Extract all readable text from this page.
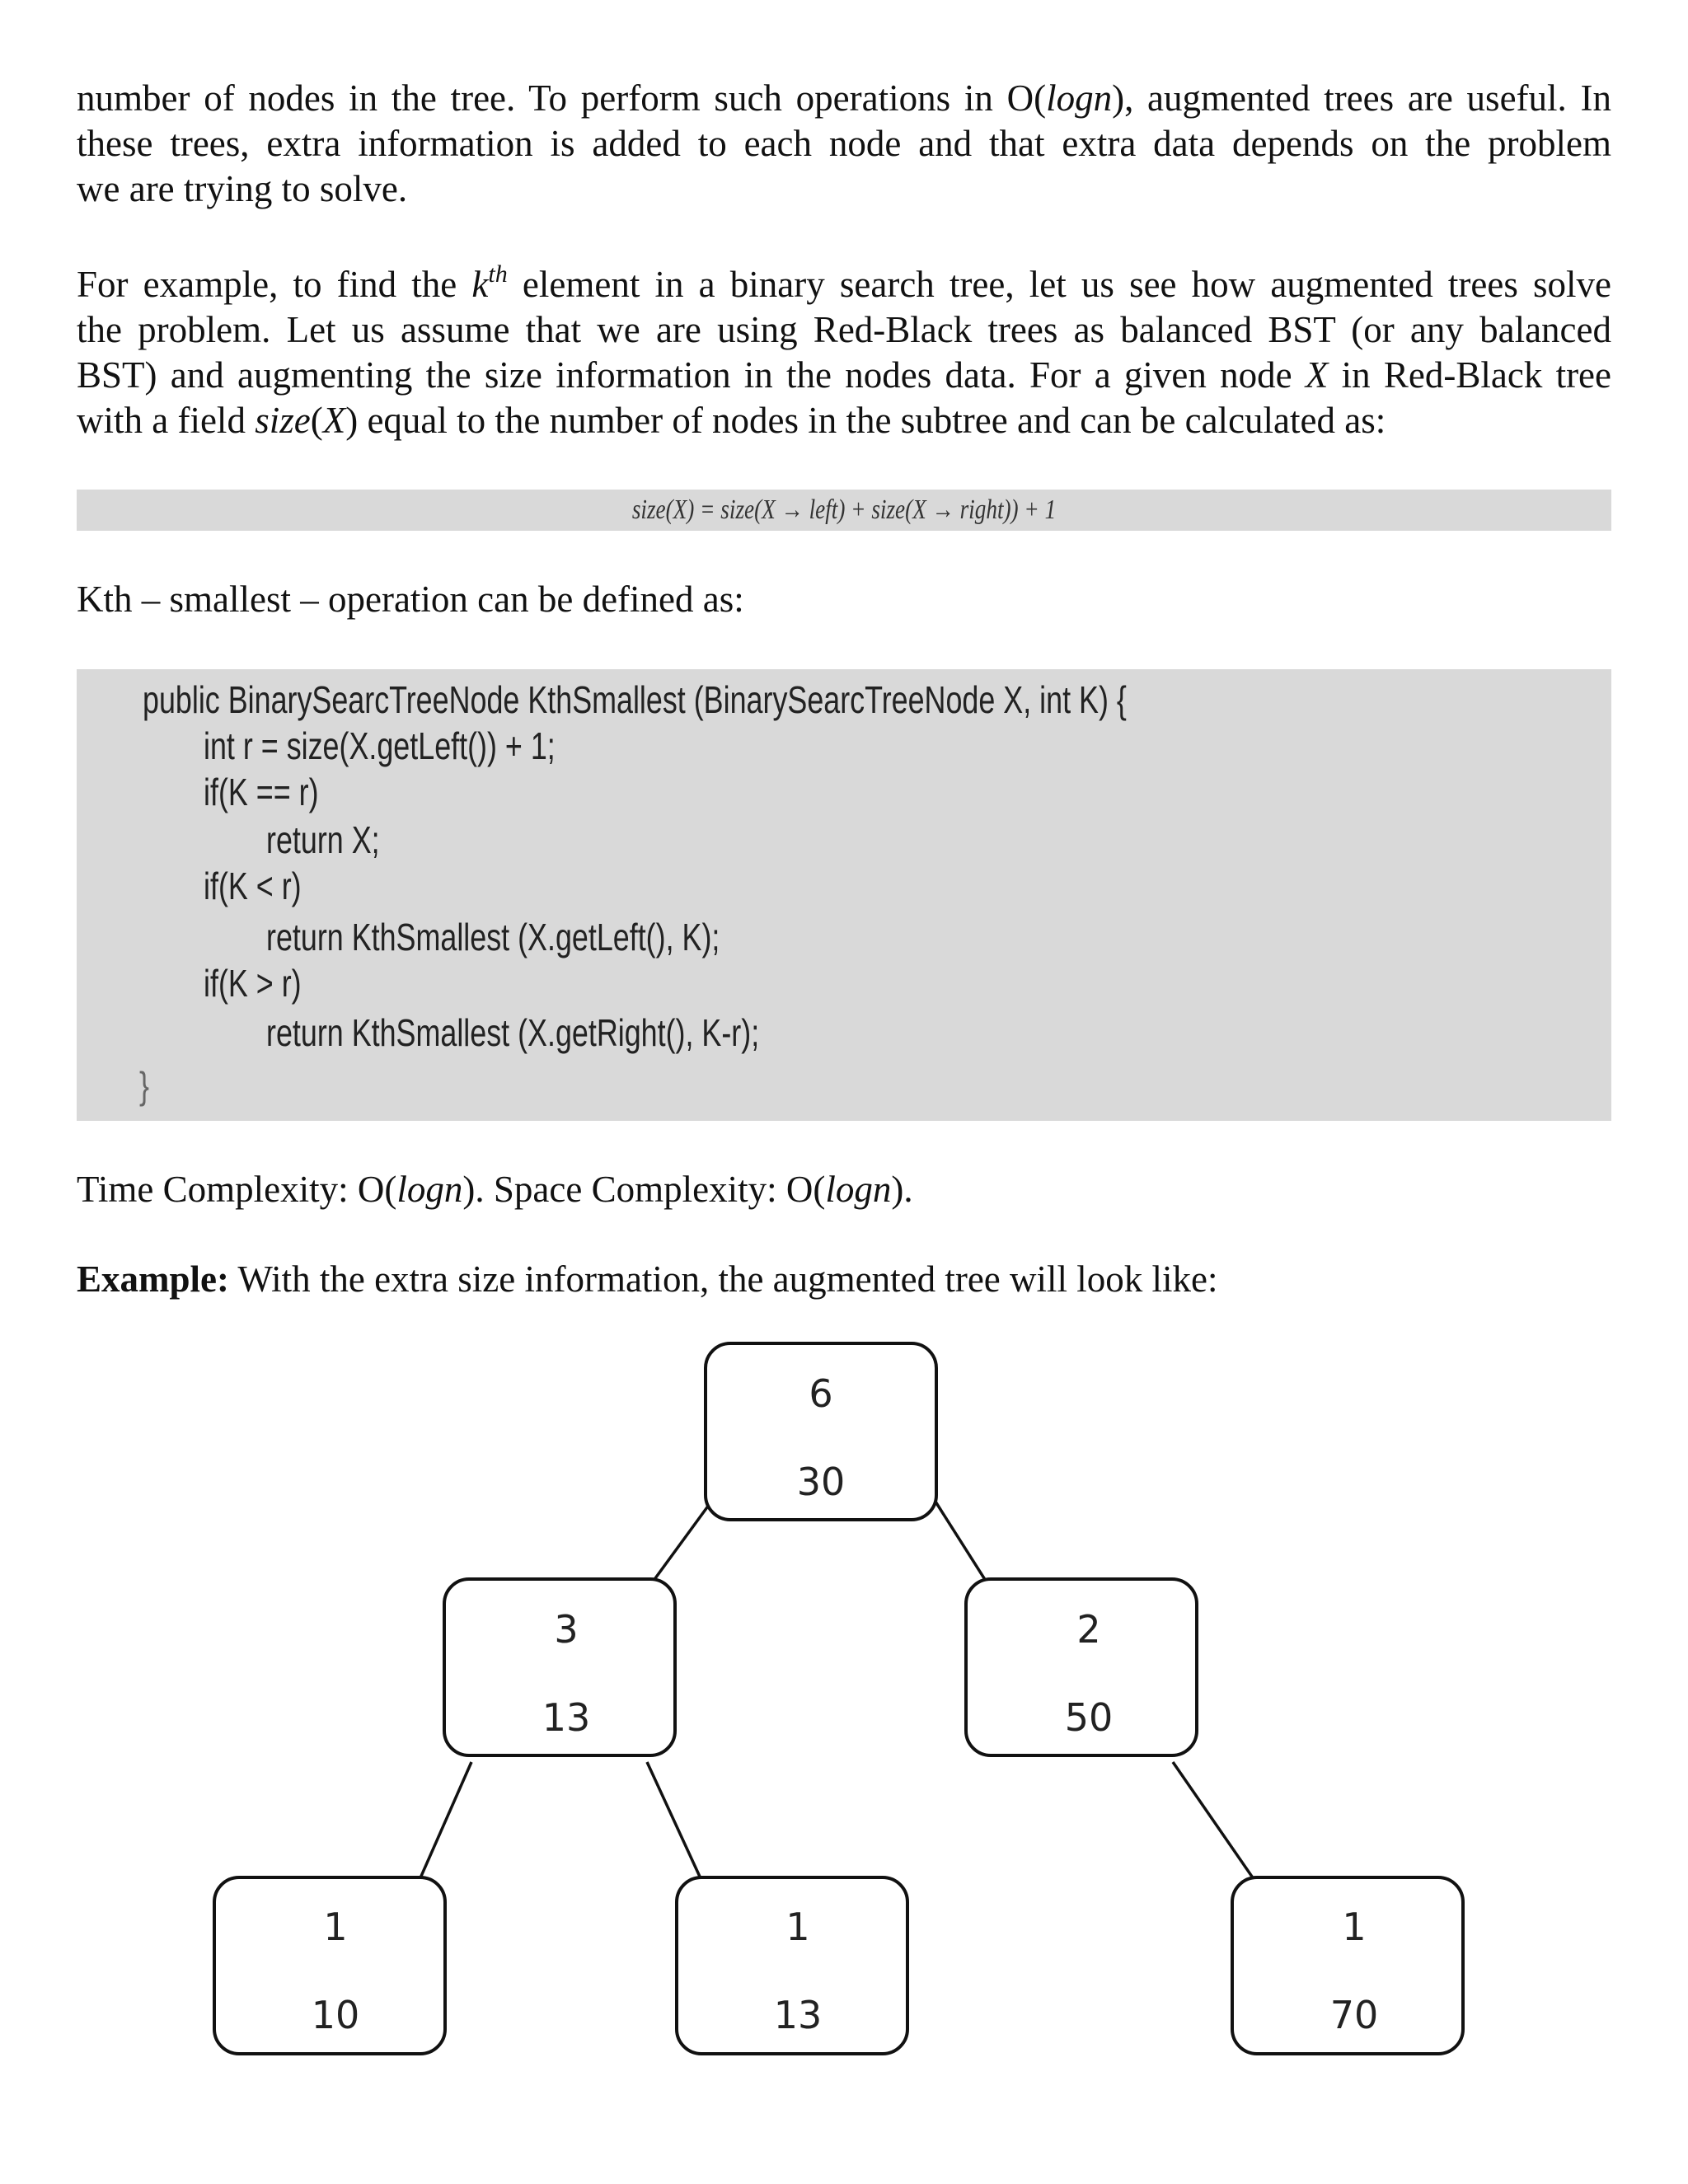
number of nodes in the tree. To perform such operations in O(logn), augmented trees are useful. In
these trees, extra information is added to each node and that extra data depends on the problem
we are trying to solve.
For example, to find the $k^{th}$ element in a binary search tree, let us see how augmented trees solve
the problem. Let us assume that we are using Red-Black trees as balanced BST (or any balanced
BST) and augmenting the size information in the nodes data. For a given node X in Red-Black tree
with a field size(X) equal to the number of nodes in the subtree and can be calculated as:
size(X) = size(X → left) + size(X → right)) + 1
Kth – smallest – operation can be defined as:
public BinarySearcTreeNode KthSmallest (BinarySearcTreeNode X, int K) {
int r = size(X.getLeft()) + 1;
if(K == r)
return X;
if(K < r)
return KthSmallest (X.getLeft(), K);
if(K > r)
return KthSmallest (X.getRight(), K-r);
}
Time Complexity: O(logn). Space Complexity: O(logn).
Example: With the extra size information, the augmented tree will look like:
6
30
3
13
2
50
1
10
1
13
1
70
